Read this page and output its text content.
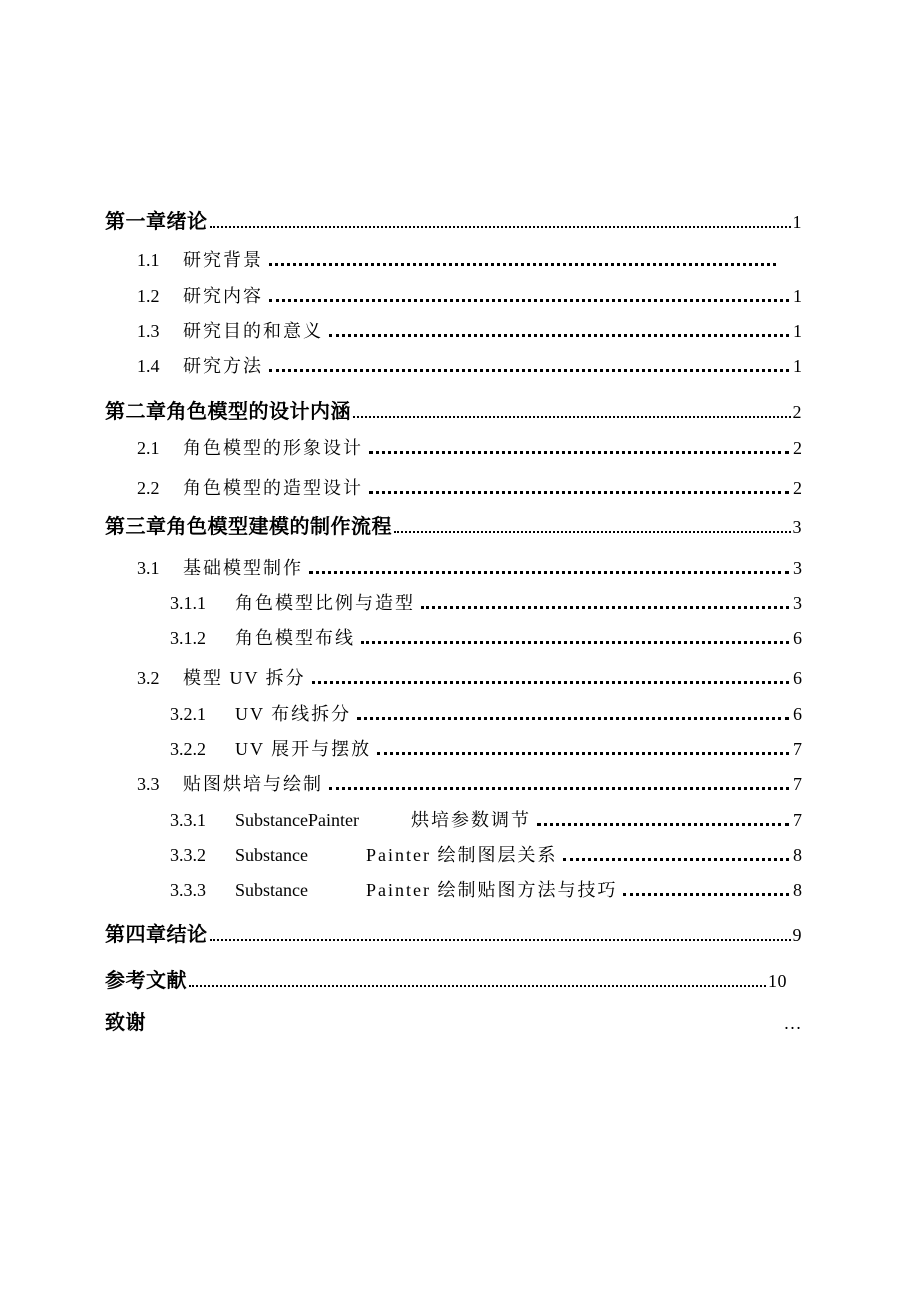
第一章绪论	1
1.1	研究背景
1.2	研究内容	1
1.3	研究目的和意义	1
1.4	研究方法	1
第二章角色模型的设计内涵	2
2.1	角色模型的形象设计	2
2.2	角色模型的造型设计	2
第三章角色模型建模的制作流程	3
3.1	基础模型制作	3
3.1.1	角色模型比例与造型	3
3.1.2	角色模型布线	6
3.2	模型 UV 拆分	6
3.2.1	UV 布线拆分	6
3.2.2	UV 展开与摆放	7
3.3	贴图烘培与绘制	7
3.3.1	SubstancePainter	烘培参数调节	7
3.3.2	Substance	Painter 绘制图层关系	8
3.3.3	Substance	Painter 绘制贴图方法与技巧	8
第四章结论	9
参考文献	10
致谢	…
